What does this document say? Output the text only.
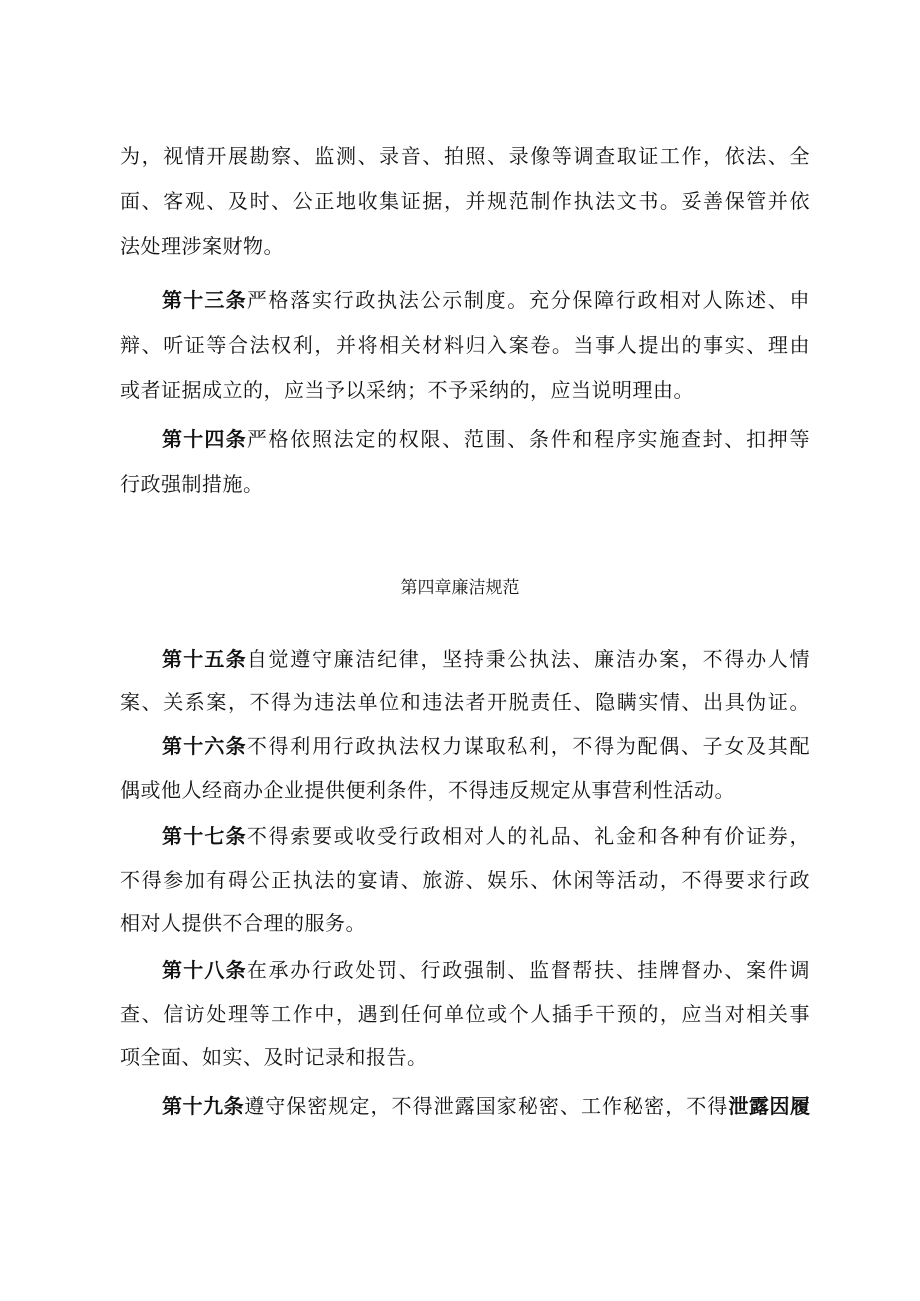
为，视情开展勘察、监测、录音、拍照、录像等调查取证工作，依法、全
面、客观、及时、公正地收集证据，并规范制作执法文书。妥善保管并依
法处理涉案财物。
第十三条严格落实行政执法公示制度。充分保障行政相对人陈述、申
辩、听证等合法权利，并将相关材料归入案卷。当事人提出的事实、理由
或者证据成立的，应当予以采纳；不予采纳的，应当说明理由。
第十四条严格依照法定的权限、范围、条件和程序实施查封、扣押等
行政强制措施。
第四章廉洁规范
第十五条自觉遵守廉洁纪律，坚持秉公执法、廉洁办案，不得办人情
案、关系案，不得为违法单位和违法者开脱责任、隐瞒实情、出具伪证。
第十六条不得利用行政执法权力谋取私利，不得为配偶、子女及其配
偶或他人经商办企业提供便利条件，不得违反规定从事营利性活动。
第十七条不得索要或收受行政相对人的礼品、礼金和各种有价证券，
不得参加有碍公正执法的宴请、旅游、娱乐、休闲等活动，不得要求行政
相对人提供不合理的服务。
第十八条在承办行政处罚、行政强制、监督帮扶、挂牌督办、案件调
查、信访处理等工作中，遇到任何单位或个人插手干预的，应当对相关事
项全面、如实、及时记录和报告。
第十九条遵守保密规定，不得泄露国家秘密、工作秘密，不得泄露因履
